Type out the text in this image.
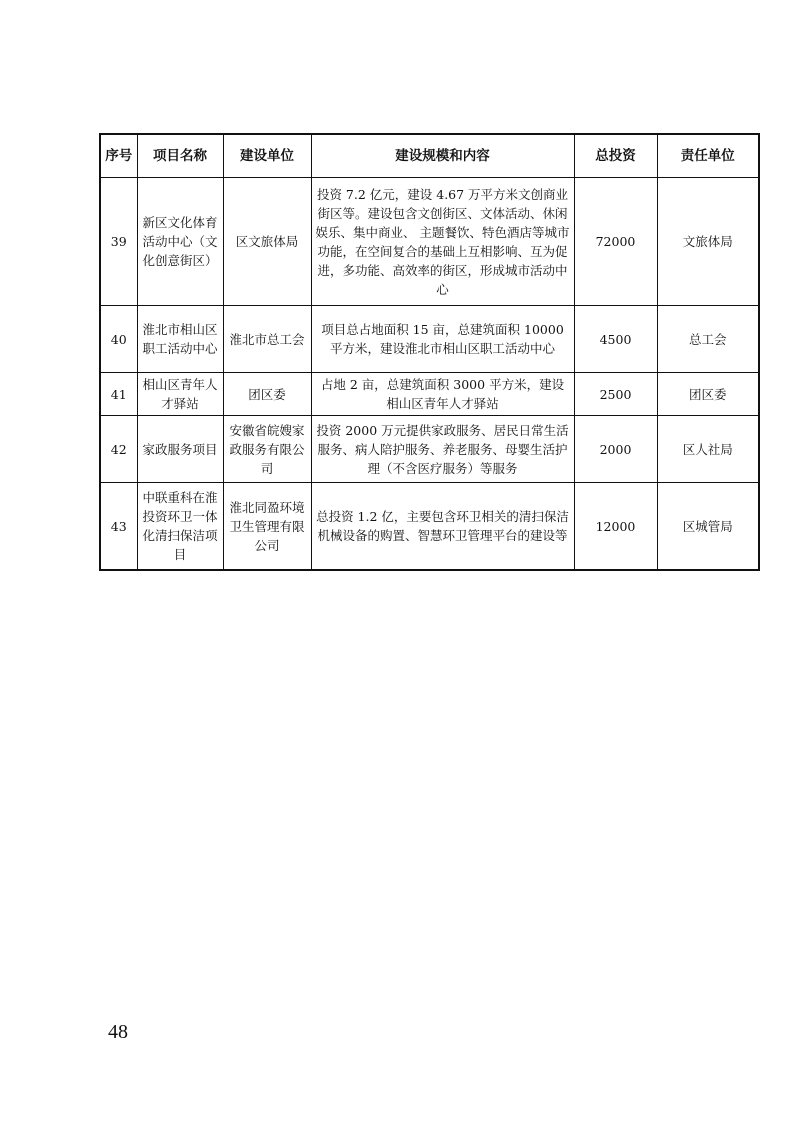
序号	项目名称	建设单位	建设规模和内容	总投资	责任单位
39	新区文化体育活动中心（文化创意街区）	区文旅体局	投资 7.2 亿元，建设 4.67 万平方米文创商业街区等。建设包含文创街区、文体活动、休闲娱乐、集中商业、 主题餐饮、特色酒店等城市功能，在空间复合的基础上互相影响、互为促进，多功能、高效率的街区，形成城市活动中心	72000	文旅体局
40	淮北市相山区职工活动中心	淮北市总工会	项目总占地面积 15 亩，总建筑面积 10000 平方米，建设淮北市相山区职工活动中心	4500	总工会
41	相山区青年人才驿站	团区委	占地 2 亩，总建筑面积 3000 平方米，建设相山区青年人才驿站	2500	团区委
42	家政服务项目	安徽省皖嫂家政服务有限公司	投资 2000 万元提供家政服务、居民日常生活服务、病人陪护服务、养老服务、母婴生活护理（不含医疗服务）等服务	2000	区人社局
43	中联重科在淮投资环卫一体化清扫保洁项目	淮北同盈环境卫生管理有限公司	总投资 1.2 亿，主要包含环卫相关的清扫保洁机械设备的购置、智慧环卫管理平台的建设等	12000	区城管局
48
